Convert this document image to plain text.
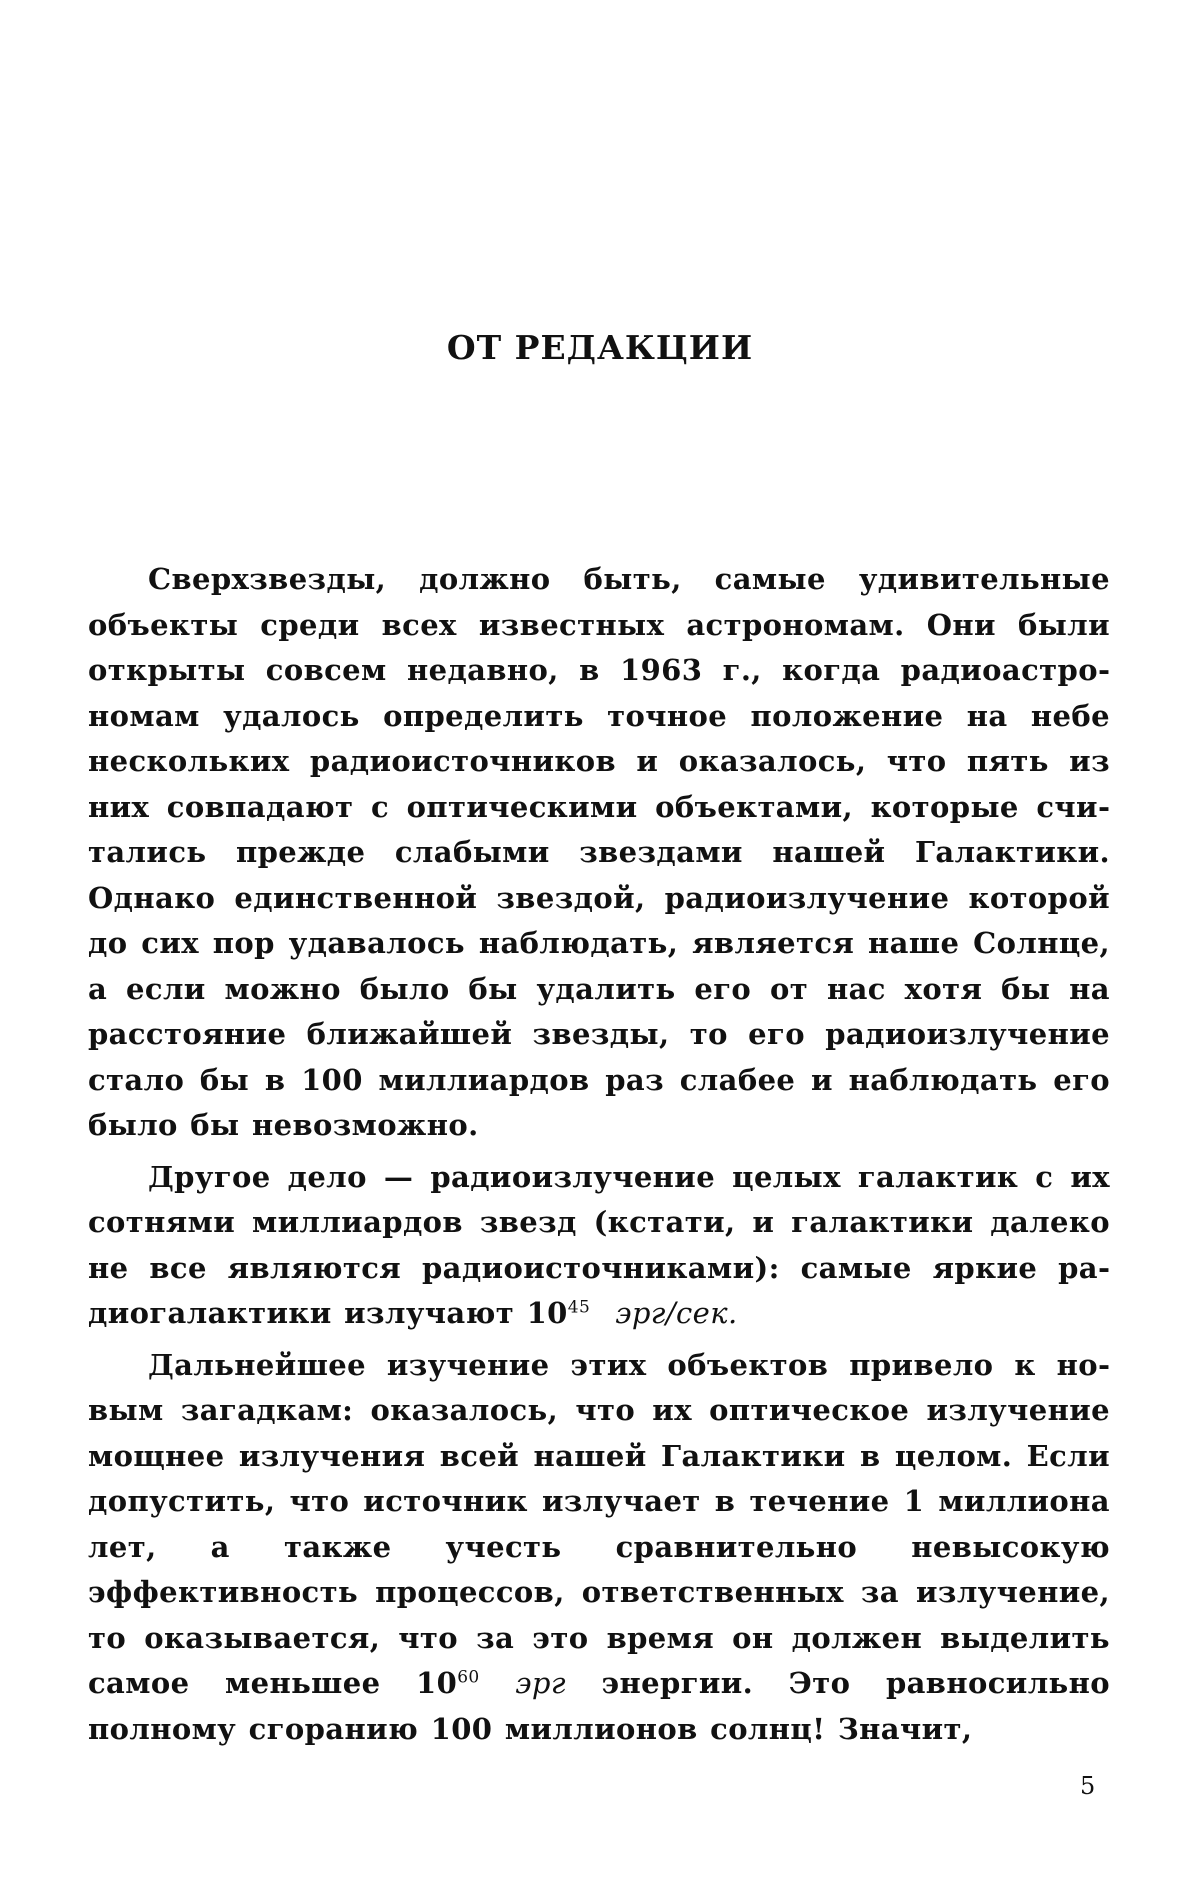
ОТ РЕДАКЦИИ

Сверхзвезды, должно быть, самые удивительные объекты среди всех известных астрономам. Они были открыты совсем недавно, в 1963 г., когда радиоастрономам удалось определить точное положение на небе нескольких радиоисточников и оказалось, что пять из них совпадают с оптическими объектами, которые считались прежде слабыми звездами нашей Галактики. Однако единственной звездой, радиоизлучение которой до сих пор удавалось наблюдать, является наше Солнце, а если можно было бы удалить его от нас хотя бы на расстояние ближайшей звезды, то его радиоизлучение стало бы в 100 миллиардов раз слабее и наблюдать его было бы невозможно.

Другое дело — радиоизлучение целых галактик с их сотнями миллиардов звезд (кстати, и галактики далеко не все являются радиоисточниками): самые яркие радиогалактики излучают $10^{45}$ эрг/сек.

Дальнейшее изучение этих объектов привело к новым загадкам: оказалось, что их оптическое излучение мощнее излучения всей нашей Галактики в целом. Если допустить, что источник излучает в течение 1 миллиона лет, а также учесть сравнительно невысокую эффективность процессов, ответственных за излучение, то оказывается, что за это время он должен выделить самое меньшее $10^{60}$ эрг энергии. Это равносильно полному сгоранию 100 миллионов солнц! Значит,

5
